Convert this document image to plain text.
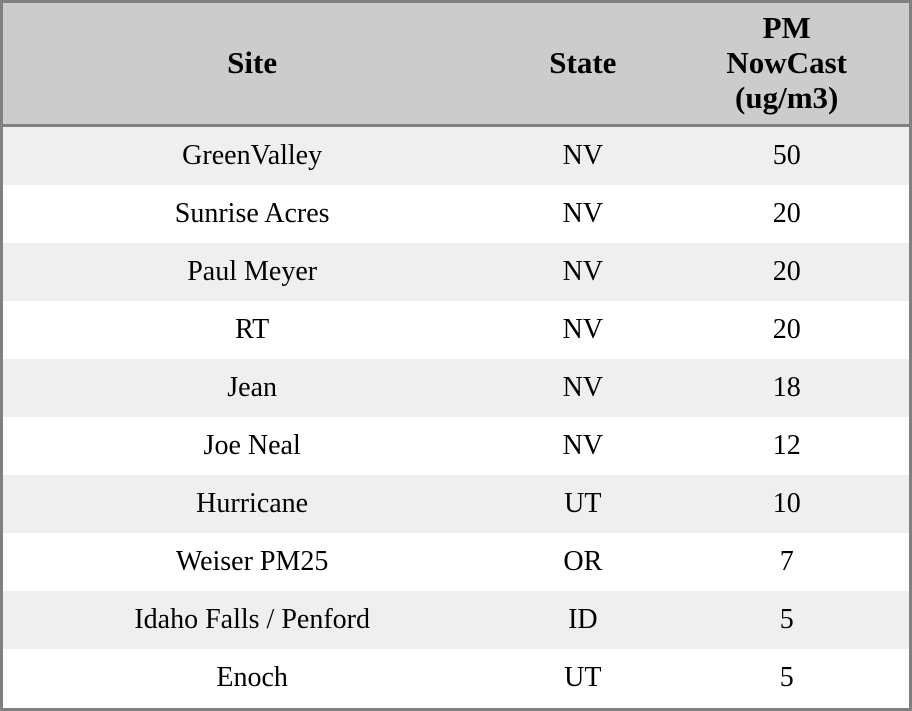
Site	State	PM
NowCast
(ug/m3)

GreenValley	NV	50
Sunrise Acres	NV	20
Paul Meyer	NV	20
RT	NV	20
Jean	NV	18
Joe Neal	NV	12
Hurricane	UT	10
Weiser PM25	OR	7
Idaho Falls / Penford	ID	5
Enoch	UT	5
